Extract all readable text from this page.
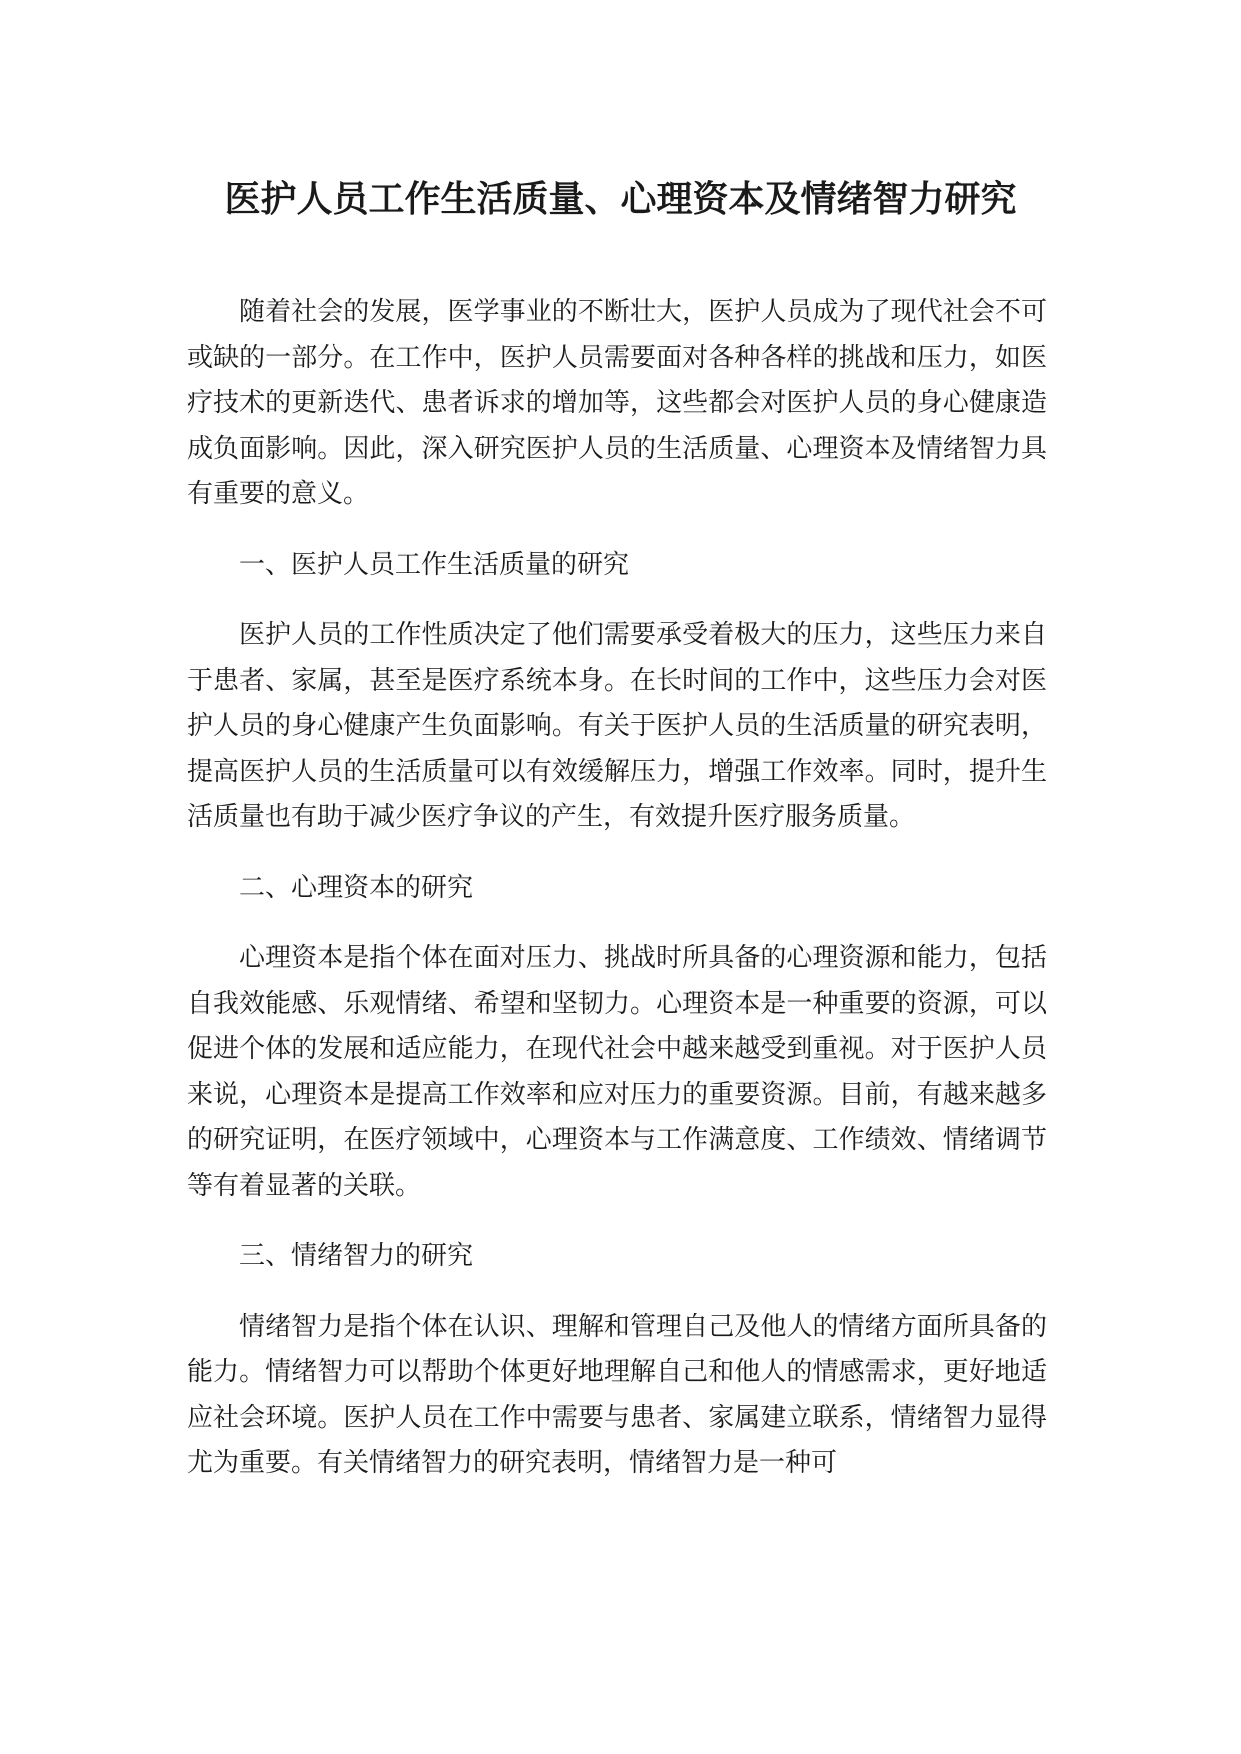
医护人员工作生活质量、心理资本及情绪智力研究

随着社会的发展，医学事业的不断壮大，医护人员成为了现代社会不可或缺的一部分。在工作中，医护人员需要面对各种各样的挑战和压力，如医疗技术的更新迭代、患者诉求的增加等，这些都会对医护人员的身心健康造成负面影响。因此，深入研究医护人员的生活质量、心理资本及情绪智力具有重要的意义。

一、医护人员工作生活质量的研究

医护人员的工作性质决定了他们需要承受着极大的压力，这些压力来自于患者、家属，甚至是医疗系统本身。在长时间的工作中，这些压力会对医护人员的身心健康产生负面影响。有关于医护人员的生活质量的研究表明，提高医护人员的生活质量可以有效缓解压力，增强工作效率。同时，提升生活质量也有助于减少医疗争议的产生，有效提升医疗服务质量。

二、心理资本的研究

心理资本是指个体在面对压力、挑战时所具备的心理资源和能力，包括自我效能感、乐观情绪、希望和坚韧力。心理资本是一种重要的资源，可以促进个体的发展和适应能力，在现代社会中越来越受到重视。对于医护人员来说，心理资本是提高工作效率和应对压力的重要资源。目前，有越来越多的研究证明，在医疗领域中，心理资本与工作满意度、工作绩效、情绪调节等有着显著的关联。

三、情绪智力的研究

情绪智力是指个体在认识、理解和管理自己及他人的情绪方面所具备的能力。情绪智力可以帮助个体更好地理解自己和他人的情感需求，更好地适应社会环境。医护人员在工作中需要与患者、家属建立联系，情绪智力显得尤为重要。有关情绪智力的研究表明，情绪智力是一种可
